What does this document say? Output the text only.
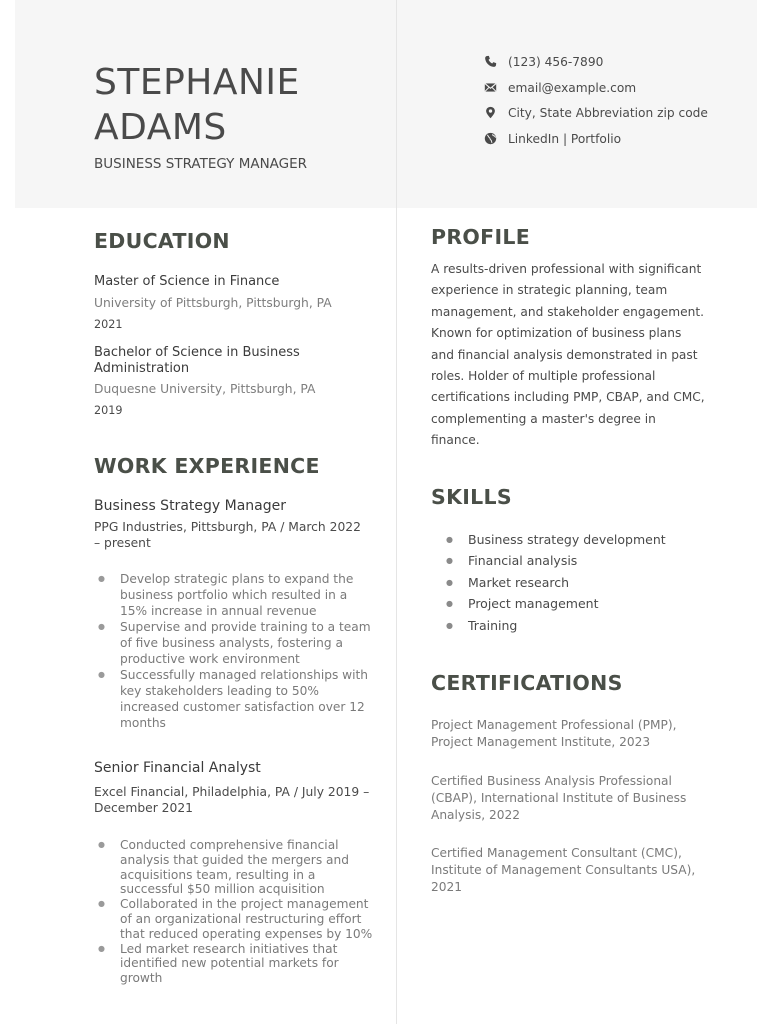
STEPHANIE
ADAMS
BUSINESS STRATEGY MANAGER
(123) 456-7890
email@example.com
City, State Abbreviation zip code
LinkedIn | Portfolio
EDUCATION
Master of Science in Finance
University of Pittsburgh, Pittsburgh, PA
2021
Bachelor of Science in Business Administration
Duquesne University, Pittsburgh, PA
2019
WORK EXPERIENCE
Business Strategy Manager
PPG Industries, Pittsburgh, PA / March 2022 – present
● Develop strategic plans to expand the business portfolio which resulted in a 15% increase in annual revenue
● Supervise and provide training to a team of five business analysts, fostering a productive work environment
● Successfully managed relationships with key stakeholders leading to 50% increased customer satisfaction over 12 months
Senior Financial Analyst
Excel Financial, Philadelphia, PA / July 2019 – December 2021
● Conducted comprehensive financial analysis that guided the mergers and acquisitions team, resulting in a successful $50 million acquisition
● Collaborated in the project management of an organizational restructuring effort that reduced operating expenses by 10%
● Led market research initiatives that identified new potential markets for growth
PROFILE
A results-driven professional with significant experience in strategic planning, team management, and stakeholder engagement. Known for optimization of business plans and financial analysis demonstrated in past roles. Holder of multiple professional certifications including PMP, CBAP, and CMC, complementing a master's degree in finance.
SKILLS
● Business strategy development
● Financial analysis
● Market research
● Project management
● Training
CERTIFICATIONS
Project Management Professional (PMP), Project Management Institute, 2023
Certified Business Analysis Professional (CBAP), International Institute of Business Analysis, 2022
Certified Management Consultant (CMC), Institute of Management Consultants USA), 2021
